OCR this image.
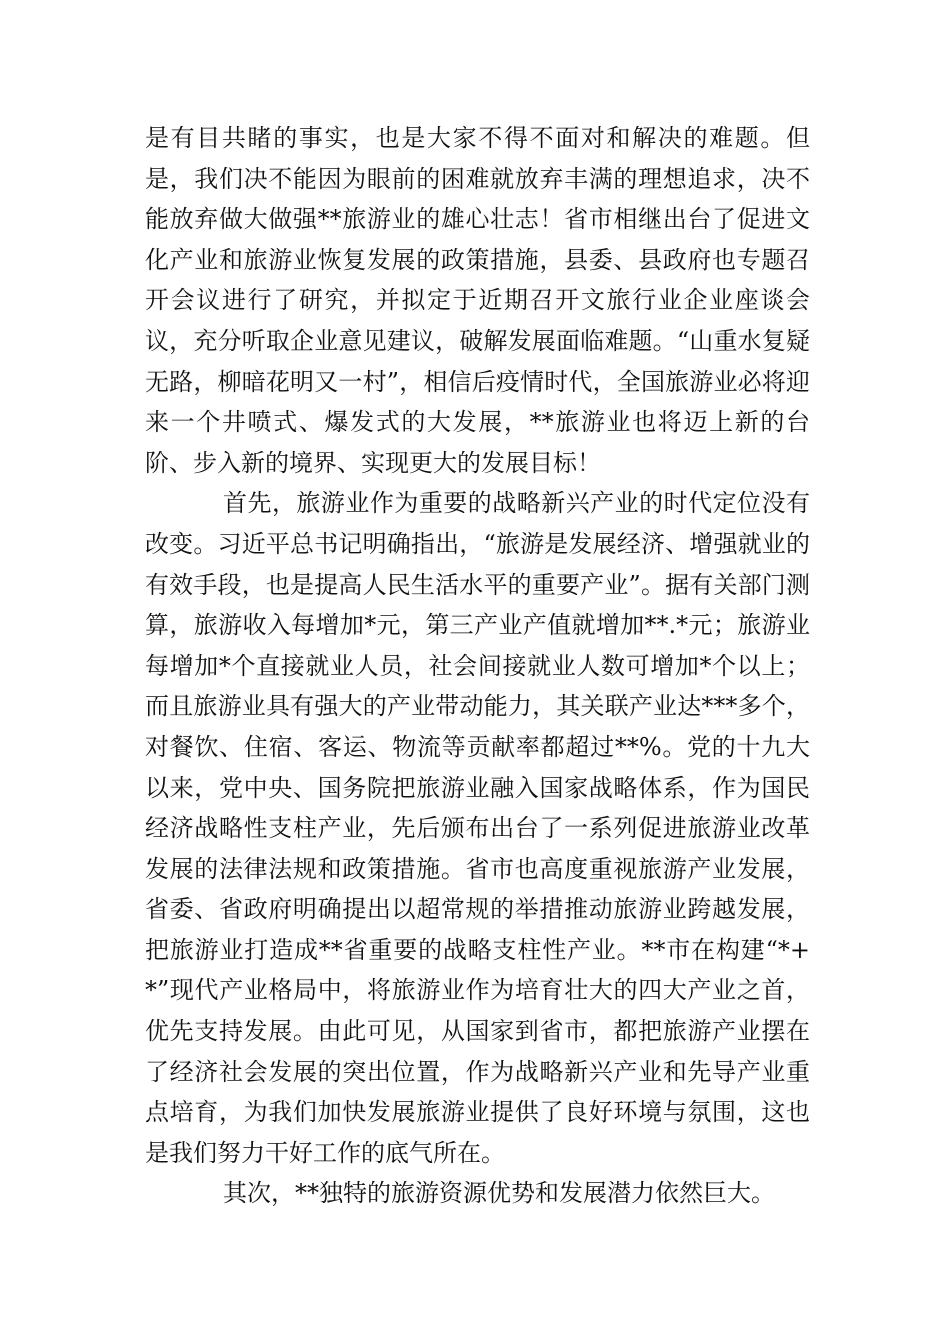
是有目共睹的事实，也是大家不得不面对和解决的难题。但是，我们决不能因为眼前的困难就放弃丰满的理想追求，决不能放弃做大做强**旅游业的雄心壮志！省市相继出台了促进文化产业和旅游业恢复发展的政策措施，县委、县政府也专题召开会议进行了研究，并拟定于近期召开文旅行业企业座谈会议，充分听取企业意见建议，破解发展面临难题。“山重水复疑无路，柳暗花明又一村”，相信后疫情时代，全国旅游业必将迎来一个井喷式、爆发式的大发展，**旅游业也将迈上新的台阶、步入新的境界、实现更大的发展目标！

首先，旅游业作为重要的战略新兴产业的时代定位没有改变。习近平总书记明确指出，“旅游是发展经济、增强就业的有效手段，也是提高人民生活水平的重要产业”。据有关部门测算，旅游收入每增加*元，第三产业产值就增加**.*元；旅游业每增加*个直接就业人员，社会间接就业人数可增加*个以上；而且旅游业具有强大的产业带动能力，其关联产业达***多个，对餐饮、住宿、客运、物流等贡献率都超过**%。党的十九大以来，党中央、国务院把旅游业融入国家战略体系，作为国民经济战略性支柱产业，先后颁布出台了一系列促进旅游业改革发展的法律法规和政策措施。省市也高度重视旅游产业发展，省委、省政府明确提出以超常规的举措推动旅游业跨越发展，把旅游业打造成**省重要的战略支柱性产业。**市在构建“*+*”现代产业格局中，将旅游业作为培育壮大的四大产业之首，优先支持发展。由此可见，从国家到省市，都把旅游产业摆在了经济社会发展的突出位置，作为战略新兴产业和先导产业重点培育，为我们加快发展旅游业提供了良好环境与氛围，这也是我们努力干好工作的底气所在。

其次，**独特的旅游资源优势和发展潜力依然巨大。
